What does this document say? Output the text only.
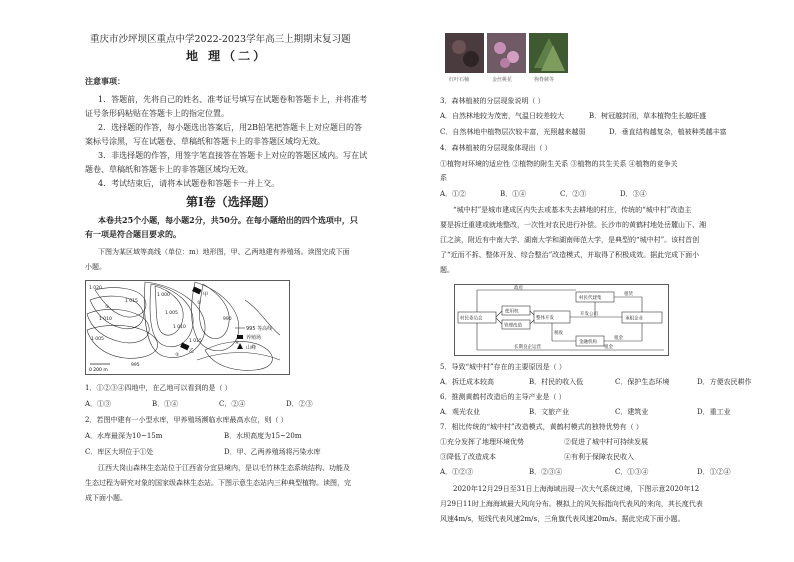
重庆市沙坪坝区重点中学2022-2023学年高三上期期末复习题
地 理（二）
注意事项：
1．答题前，先将自己的姓名、准考证号填写在试题卷和答题卡上，并将准考
证号条形码粘贴在答题卡上的指定位置。
2．选择题的作答，每小题选出答案后，用2B铅笔把答题卡上对应题目的答
案标号涂黑，写在试题卷、草稿纸和答题卡上的非答题区域均无效。
3．非选择题的作答，用签字笔直接答在答题卡上对应的答题区域内。写在试
题卷、草稿纸和答题卡上的非答题区域均无效。
4．考试结束后，请将本试题卷和答题卡一并上交。
第Ⅰ卷（选择题）
本卷共25个小题，每小题2分，共50分。在每小题给出的四个选项中，只
有一项是符合题目要求的。
下图为某区域等高线（单位：m）地形图，甲、乙两地建有养殖场。读图完成下面
小题。
1 020
1 015
1 010
1 005
1 000
1 005
1 010
1 015
995
990
①
②
③
④
甲
乙
0 200 m
995 等高线
养殖场
山峰
1．①②③④四地中，在乙地可以看到的是（ ）
A．①③	B．①④	C．②④	D．②③
2．若图中建有一小型水库，甲养殖场濒临水库最高水位，则（ ）
A．水库最深为10~15m	B．水坝高度为15~20m
C．库区大坝位于①处	D．甲、乙两养殖场将污染水库
江西大岗山森林生态站位于江西省分宜县境内，是以毛竹林生态系统结构、功能及
生态过程为研究对象的国家级森林生态站。下图示意生态站内三种典型植物。读图，完
成下面小题。
红叶石楠	金丝桃花	狗脊蕨等
3．森林植被的分层现象说明（ ）
A．自然林地较为茂密，气温日较差较大	B．树冠越封闭，草本植物生长越旺盛
C．自然林地中植物层次较丰富，光照越来越弱	D．垂直结构越复杂，植被种类越丰富
4．森林植被的分层现象体现出（ ）
①植物对环境的适应性 ②植物的附生关系 ③植物的共生关系 ④植物的竞争关
系
A．①②	B．①④	C．②③	D．③④
“城中村”是城市建成区内失去或基本失去耕地的村庄，传统的“城中村”改造主
要是拆迁重建或就地整改，一次性对农民进行补偿。长沙市的黄鹤村地处岳麓山下、湘
江之滨，附近有中南大学、湖南大学和湖南师范大学，是典型的“城中村”。该村首创
了“近而不拆、整体开发、综合整治”改造模式，并取得了积极成效。据此完成下面小
题。
村民委员会
使用权
管理改造
整体开发
村民代建集
金融机构
承租企业
开发公司
租赁
租金
税收
长期良企运营	租金
政府
5．导致“城中村”存在的主要原因是（ ）
A．拆迁成本较高	B．村民的收入低	C．保护生态环境	D．方便农民耕作
6．推测黄鹤村改造后的主导产业是（ ）
A．观光农业	B．文旅产业	C．建筑业	D．重工业
7．相比传统的“城中村”改造模式，黄鹤村模式的独特优势有（ ）
①充分发挥了地理环境优势	②促进了城中村可持续发展
③降低了改造成本	④有利于保障农民收入
A．①②③	B．②③④	C．①③④	D．①②④
2020年12月29日至31日上海海域出现一次大气系统过境，下图示意2020年12
月29日11时上海海域最大风向分布。模拟上的风矢标指向代表风的来向，其长度代表
风速4m/s，短线代表风速2m/s，三角旗代表风速20m/s。据此完成下面小题。
